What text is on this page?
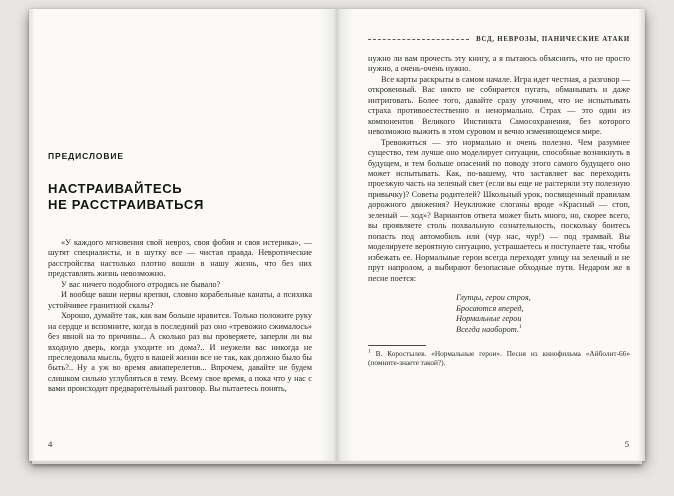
ПРЕДИСЛОВИЕ
НАСТРАИВАЙТЕСЬ
НЕ РАССТРАИВАТЬСЯ

«У каждого мгновения свой невроз, своя фобия и своя истерика», — шутят специалисты, и в шутку все — чистая правда. Невротические расстройства настолько плотно вошли в нашу жизнь, что без них представлять жизнь невозможно.

У вас ничего подобного отродясь не бывало?

И вообще ваши нервы крепки, словно корабельные канаты, а психика устойчивее гранитной скалы?

Хорошо, думайте так, как вам больше нравится. Только положите руку на сердце и вспомните, когда в последний раз оно «тревожно сжималось» без явной на то причины... А сколько раз вы проверяете, заперли ли вы входную дверь, когда уходите из дома?.. И неужели вас никогда не преследовала мысль, будто в вашей жизни все не так, как должно было бы быть?.. Ну а уж во время авиаперелетов... Впрочем, давайте не будем слишком сильно углубляться в тему. Всему свое время, а пока что у нас с вами происходит предварительный разговор. Вы пытаетесь понять,

4
ВСД, НЕВРОЗЫ, ПАНИЧЕСКИЕ АТАКИ

нужно ли вам прочесть эту книгу, а я пытаюсь объяснить, что не просто нужно, а очень-очень нужно.

Все карты раскрыты в самом начале. Игра идет честная, а разговор — откровенный. Вас никто не собирается пугать, обманывать и даже интриговать. Более того, давайте сразу уточним, что не испытывать страха противоестественно и ненормально. Страх — это один из компонентов Великого Инстинкта Самосохранения, без которого невозможно выжить в этом суровом и вечно изменяющемся мире.

Тревожиться — это нормально и очень полезно. Чем разумнее существо, тем лучше оно моделирует ситуации, способные возникнуть в будущем, и тем больше опасений по поводу этого самого будущего оно может испытывать. Как, по-вашему, что заставляет вас переходить проезжую часть на зеленый свет (если вы еще не растеряли эту полезную привычку)? Советы родителей? Школьный урок, посвященный правилам дорожного движения? Неуклюжие слоганы вроде «Красный — стоп, зеленый — ход»? Вариантов ответа может быть много, но, скорее всего, вы проявляете столь похвальную сознательность, поскольку боитесь попасть под автомобиль или (чур нас, чур!) — под трамвай. Вы моделируете вероятную ситуацию, устрашаетесь и поступаете так, чтобы избежать ее. Нормальные герои всегда переходят улицу на зеленый и не прут напролом, а выбирают безопасные обходные пути. Недаром же в песне поется:

Глупцы, герои строя,
Бросаются вперед,
Нормальные герои
Всегда наоборот.$^1$
$^1$ В. Коростылев. «Нормальные герои». Песня из кинофильма «Айболит-66» (помните-знаете такой?).
5
